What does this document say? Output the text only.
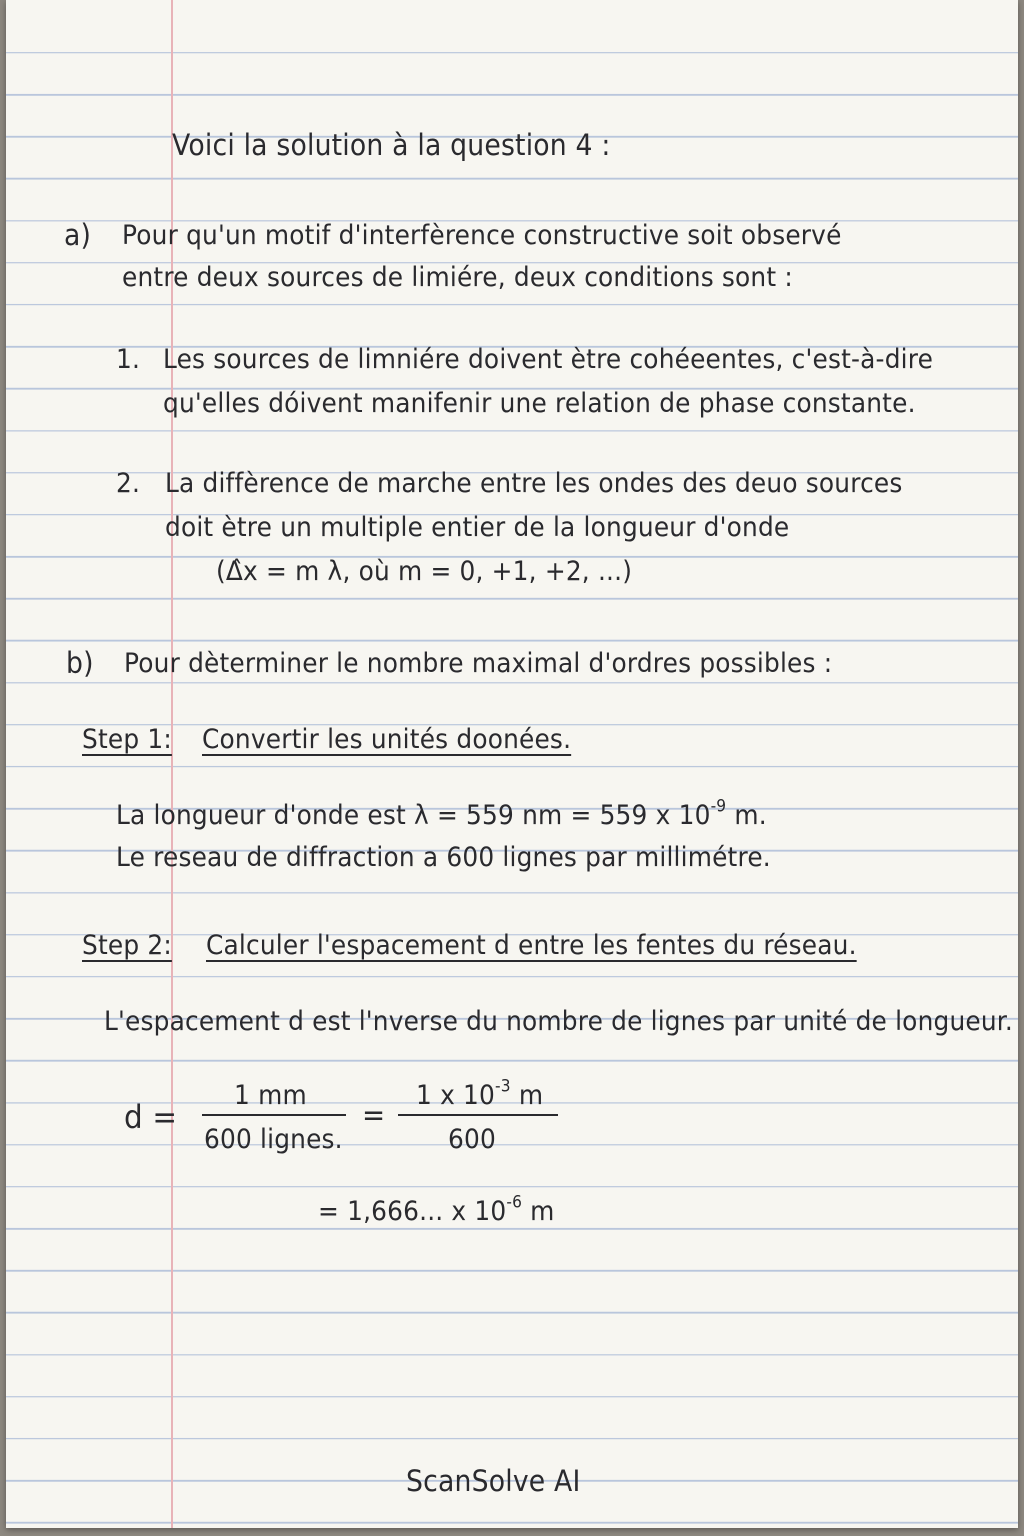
Voici la solution à la question 4 :
a) Pour qu'un motif d'interfèrence constructive soit observé
entre deux sources de limiére, deux conditions sont :
1. Les sources de limniére doivent ètre cohéeentes, c'est-à-dire
qu'elles dóivent manifenir une relation de phase constante.
2. La diffèrence de marche entre les ondes des deuo sources
doit ètre un multiple entier de la longueur d'onde
(Δ̂x = m λ, où m = 0, +1, +2, ...)
b) Pour dèterminer le nombre maximal d'ordres possibles :
Step 1: Convertir les unités doonées.
La longueur d'onde est λ = 559 nm = 559 x $10^{-9}$ m.
Le reseau de diffraction a 600 lignes par millimétre.
Step 2: Calculer l'espacement d entre les fentes du réseau.
L'espacement d est l'nverse du nombre de lignes par unité de longueur.
d =
1 mm
600 lignes.
=
1 x $10^{-3}$ m
600
= 1,666... x $10^{-6}$ m
ScanSolve AI
